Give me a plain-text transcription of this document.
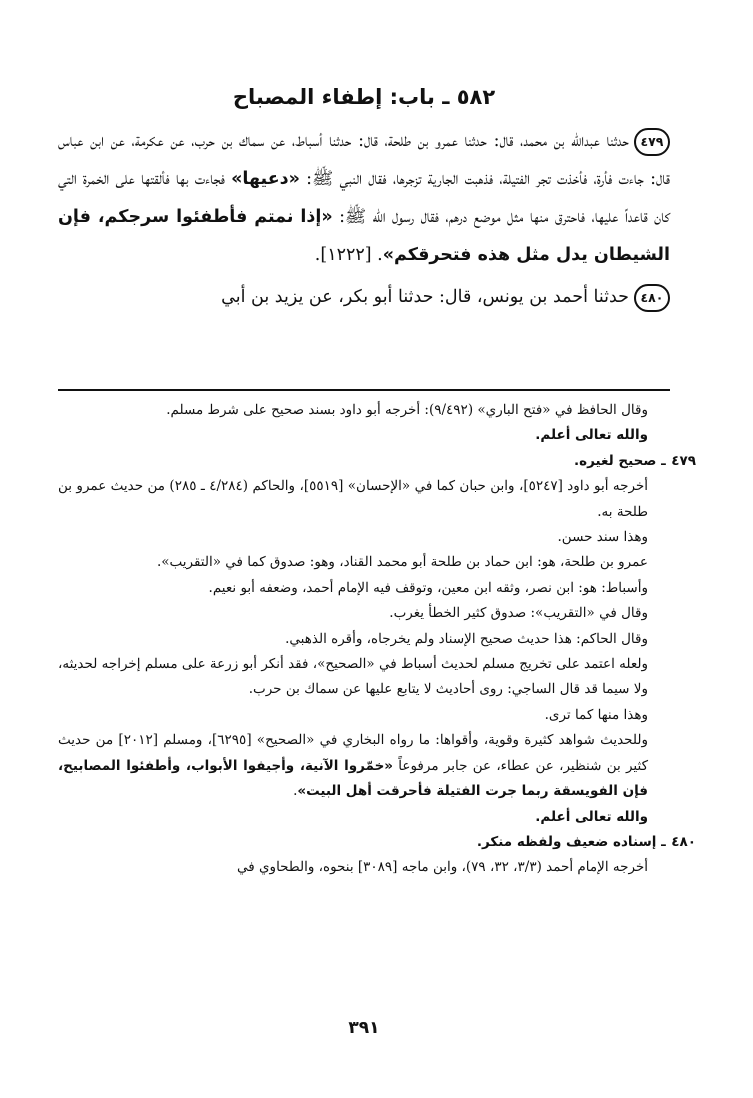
٥٨٢ ـ باب: إطفاء المصباح

٤٧٩حدثنا عبدالله بن محمد، قال: حدثنا عمرو بن طلحة، قال: حدثنا أسباط، عن سماك بن حرب، عن عكرمة، عن ابن عباس قال: جاءت فأرة، فأخذت تجر الفتيلة، فذهبت الجارية تزجرها، فقال النبي ﷺ: «دعيها» فجاءت بها فألقتها على الخمرة التي كان قاعداً عليها، فاحترق منها مثل موضع درهم، فقال رسول الله ﷺ: «إذا نمتم فأطفئوا سرجكم، فإن الشيطان يدل مثل هذه فتحرقكم». [١٢٢٢].

٤٨٠حدثنا أحمد بن يونس، قال: حدثنا أبو بكر، عن يزيد بن أبي

وقال الحافظ في «فتح الباري» (٩/٤٩٢): أخرجه أبو داود بسند صحيح على شرط مسلم.

والله تعالى أعلم.

٤٧٩ ـ صحيح لغيره.

أخرجه أبو داود [٥٢٤٧]، وابن حبان كما في «الإحسان» [٥٥١٩]، والحاكم (٤/٢٨٤ ـ ٢٨٥) من حديث عمرو بن طلحة به.

وهذا سند حسن.

عمرو بن طلحة، هو: ابن حماد بن طلحة أبو محمد القناد، وهو: صدوق كما في «التقريب».

وأسباط: هو: ابن نصر، وثقه ابن معين، وتوقف فيه الإمام أحمد، وضعفه أبو نعيم.

وقال في «التقريب»: صدوق كثير الخطأ يغرب.

وقال الحاكم: هذا حديث صحيح الإسناد ولم يخرجاه، وأقره الذهبي.

ولعله اعتمد على تخريج مسلم لحديث أسباط في «الصحيح»، فقد أنكر أبو زرعة على مسلم إخراجه لحديثه، ولا سيما قد قال الساجي: روى أحاديث لا يتابع عليها عن سماك بن حرب.

وهذا منها كما ترى.

وللحديث شواهد كثيرة وقوية، وأقواها: ما رواه البخاري في «الصحيح» [٦٢٩٥]، ومسلم [٢٠١٢] من حديث كثير بن شنظير، عن عطاء، عن جابر مرفوعاً «خمّروا الآنية، وأجيفوا الأبواب، وأطفئوا المصابيح، فإن الفويسقة ربما جرت الفتيلة فأحرقت أهل البيت».

والله تعالى أعلم.

٤٨٠ ـ إسناده ضعيف ولفظه منكر.

أخرجه الإمام أحمد (٣/٣، ٣٢، ٧٩)، وابن ماجه [٣٠٨٩] بنحوه، والطحاوي في

٣٩١
